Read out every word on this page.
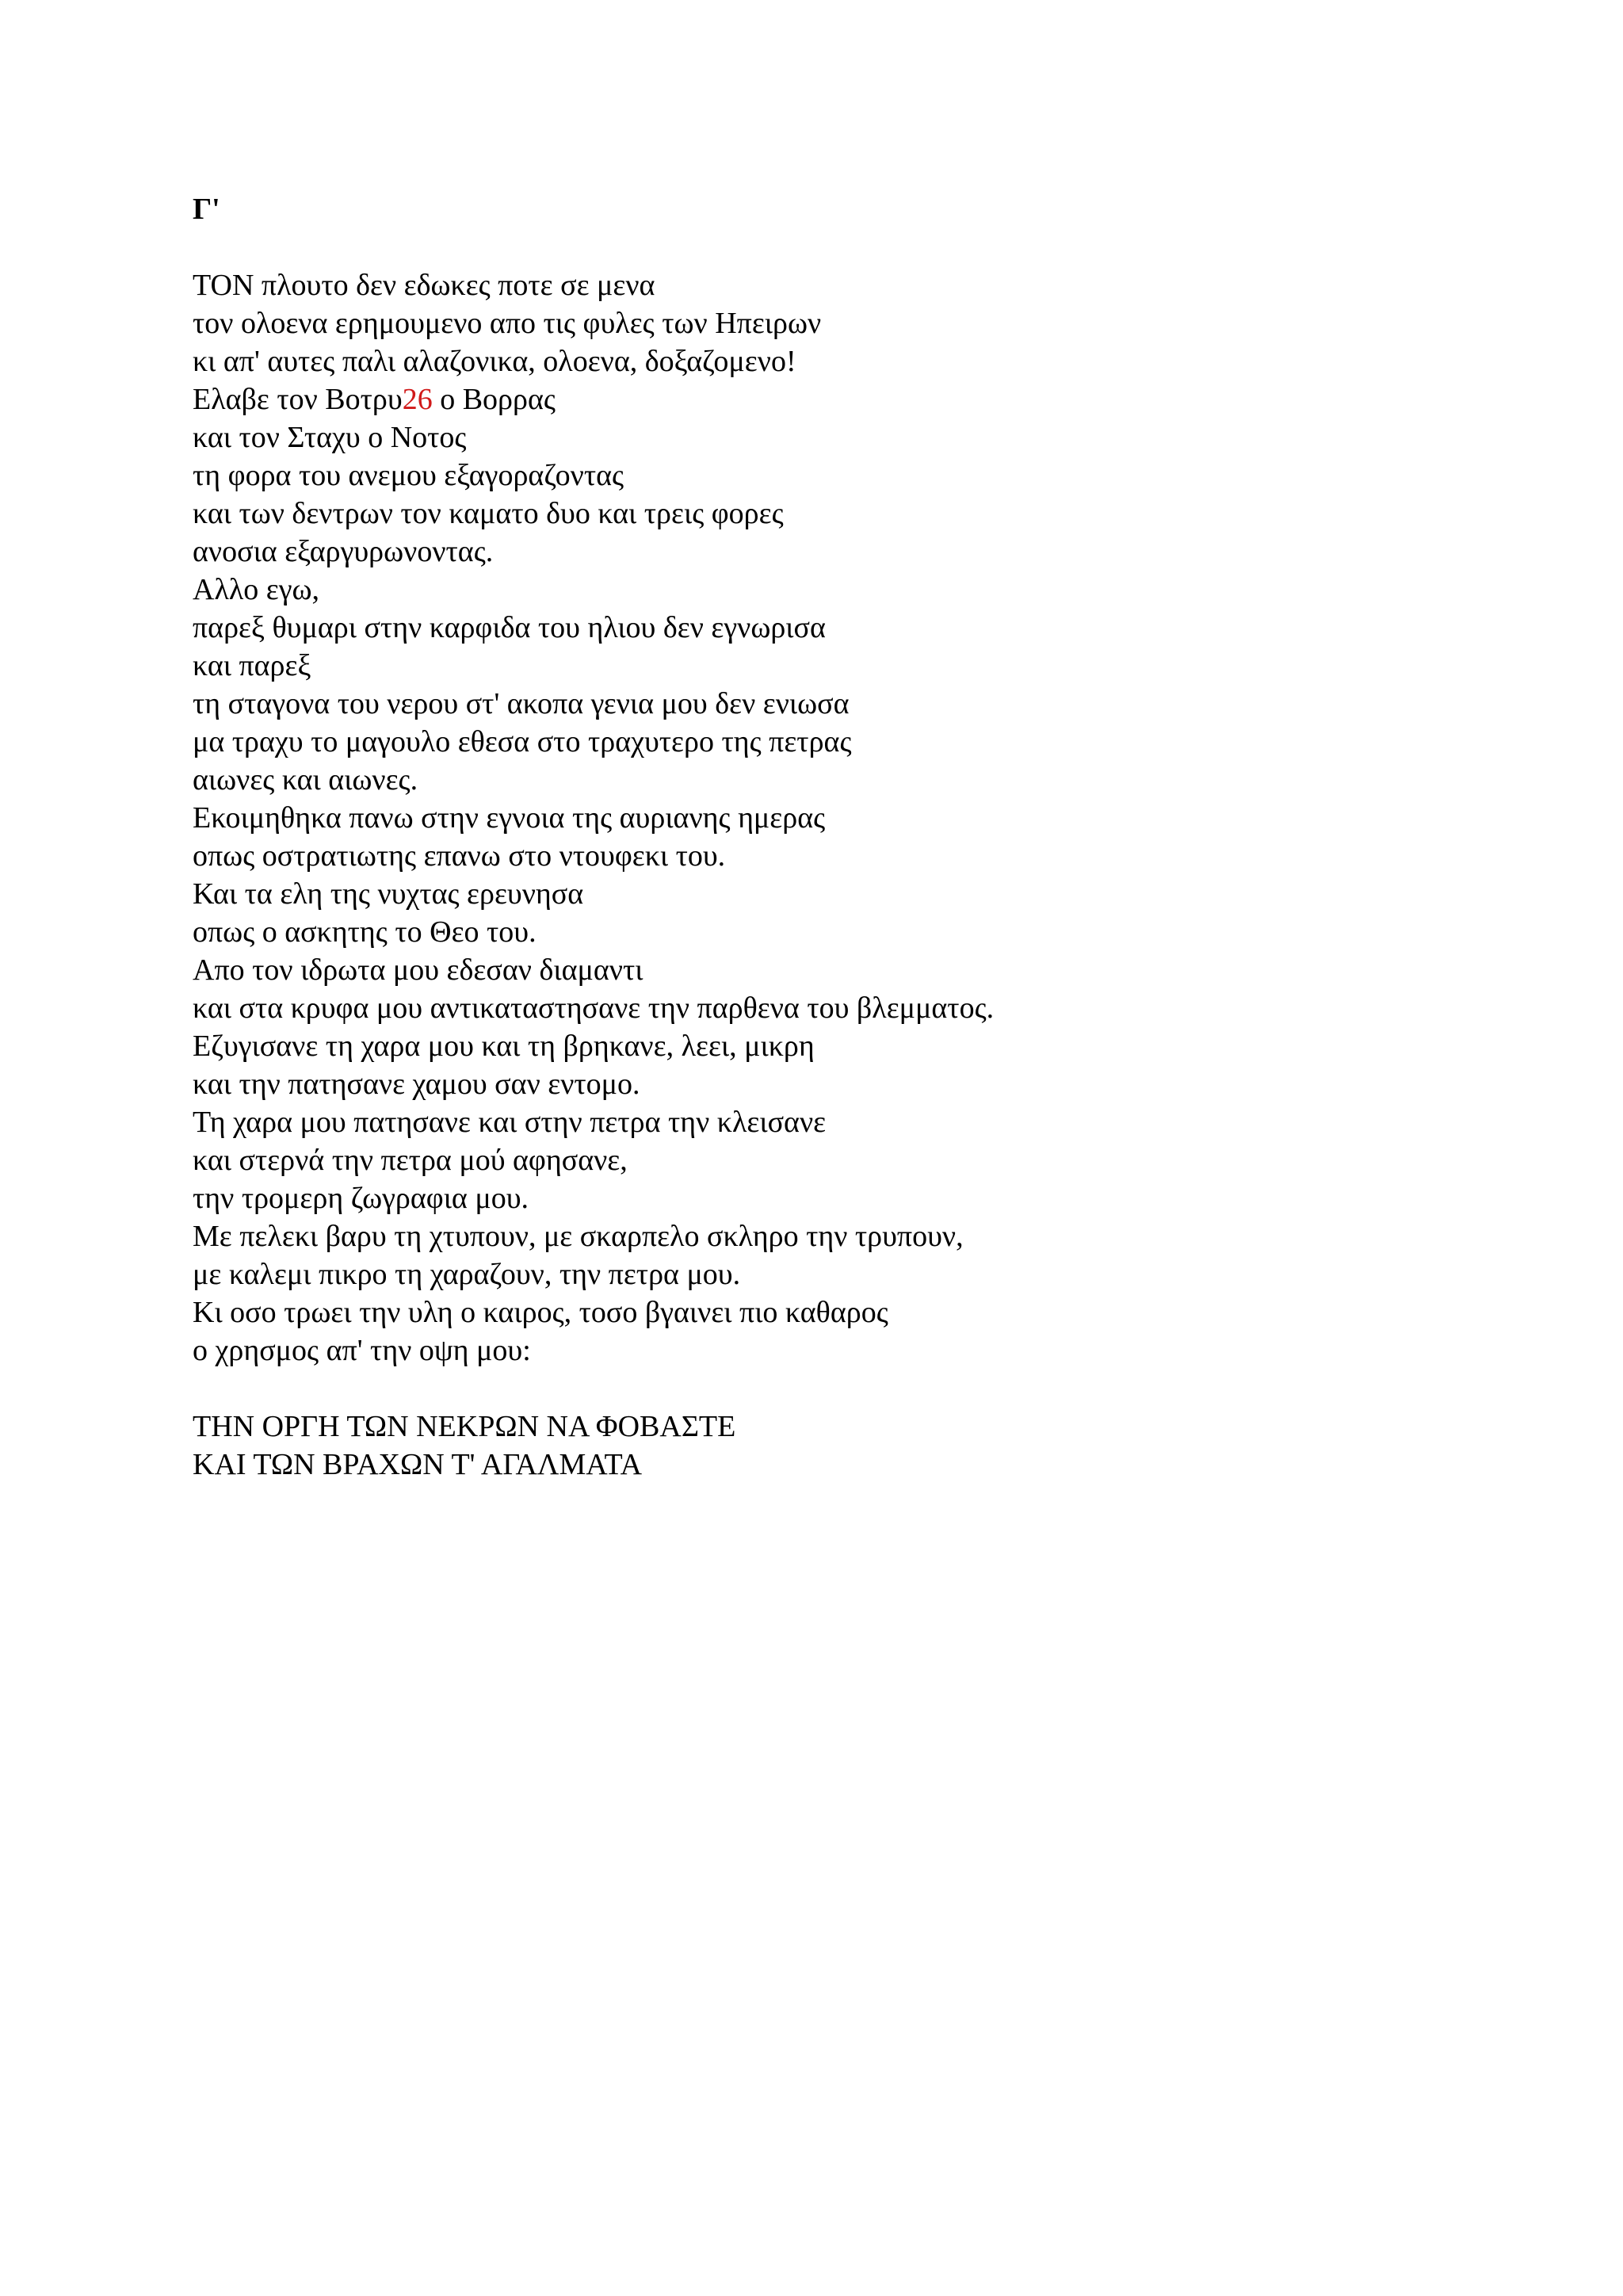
Γ'
ΤΟΝ πλουτο δεν εδωκες ποτε σε μενα
τον ολοενα ερημουμενο απο τις φυλες των Ηπειρων
κι απ' αυτες παλι αλαζονικα, ολοενα, δοξαζομενο!
Ελαβε τον Βοτρυ26 ο Βορρας
και τον Σταχυ ο Νοτος
τη φορα του ανεμου εξαγοραζοντας
και των δεντρων τον καματο δυο και τρεις φορες
ανοσια εξαργυρωνοντας.
Αλλο εγω,
παρεξ θυμαρι στην καρφιδα του ηλιου δεν εγνωρισα
και παρεξ
τη σταγονα του νερου στ' ακοπα γενια μου δεν ενιωσα
μα τραχυ το μαγουλο εθεσα στο τραχυτερο της πετρας
αιωνες και αιωνες.
Εκοιμηθηκα πανω στην εγνοια της αυριανης ημερας
οπως οστρατιωτης επανω στο ντουφεκι του.
Και τα ελη της νυχτας ερευνησα
οπως ο ασκητης το Θεο του.
Απο τον ιδρωτα μου εδεσαν διαμαντι
και στα κρυφα μου αντικαταστησανε την παρθενα του βλεμματος.
Εζυγισανε τη χαρα μου και τη βρηκανε, λεει, μικρη
και την πατησανε χαμου σαν εντομο.
Τη χαρα μου πατησανε και στην πετρα την κλεισανε
και στερνά την πετρα μού αφησανε,
την τρομερη ζωγραφια μου.
Με πελεκι βαρυ τη χτυπουν, με σκαρπελο σκληρο την τρυπουν,
με καλεμι πικρο τη χαραζουν, την πετρα μου.
Κι οσο τρωει την υλη ο καιρος, τοσο βγαινει πιο καθαρος
ο χρησμος απ' την οψη μου:
ΤΗΝ ΟΡΓΗ ΤΩΝ ΝΕΚΡΩΝ ΝΑ ΦΟΒΑΣΤΕ
ΚΑΙ ΤΩΝ ΒΡΑΧΩΝ Τ' ΑΓΑΛΜΑΤΑ
